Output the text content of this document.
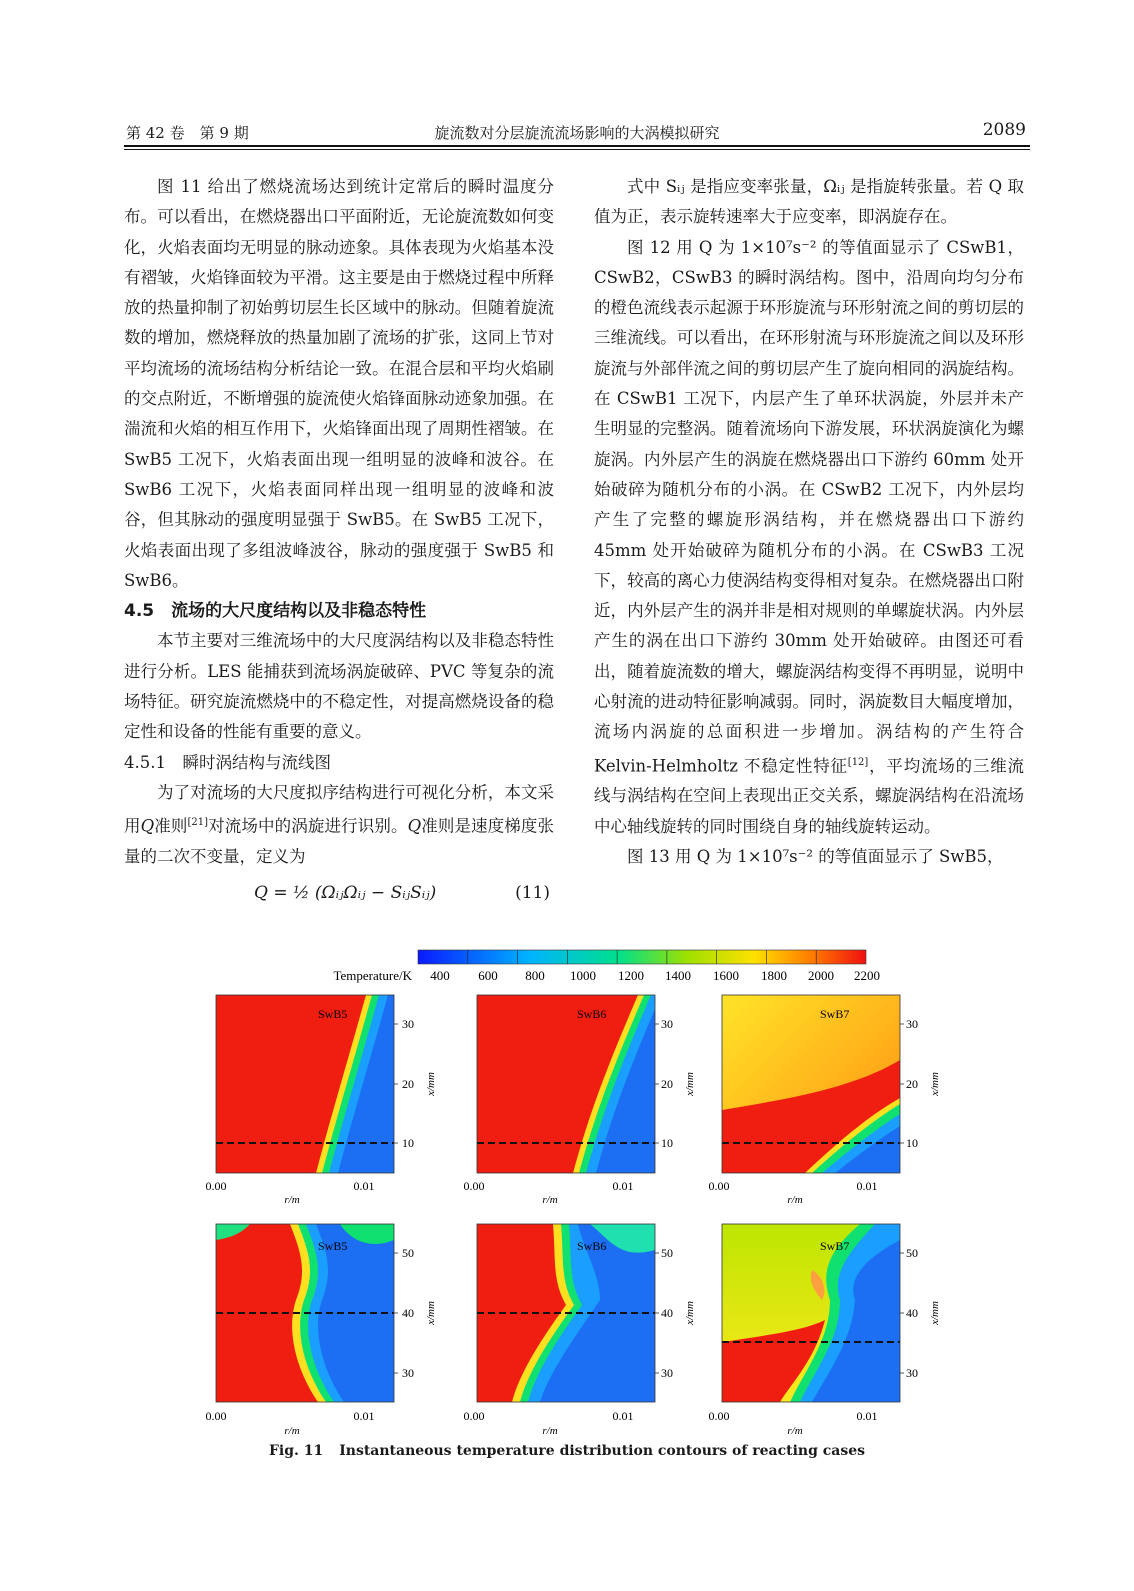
第 42 卷　第 9 期	旋流数对分层旋流流场影响的大涡模拟研究	2089

图 11 给出了燃烧流场达到统计定常后的瞬时温度分布。可以看出，在燃烧器出口平面附近，无论旋流数如何变化，火焰表面均无明显的脉动迹象。具体表现为火焰基本没有褶皱，火焰锋面较为平滑。这主要是由于燃烧过程中所释放的热量抑制了初始剪切层生长区域中的脉动。但随着旋流数的增加，燃烧释放的热量加剧了流场的扩张，这同上节对平均流场的流场结构分析结论一致。在混合层和平均火焰刷的交点附近，不断增强的旋流使火焰锋面脉动迹象加强。在湍流和火焰的相互作用下，火焰锋面出现了周期性褶皱。在 SwB5 工况下，火焰表面出现一组明显的波峰和波谷。在 SwB6 工况下，火焰表面同样出现一组明显的波峰和波谷，但其脉动的强度明显强于 SwB5。在 SwB5 工况下，火焰表面出现了多组波峰波谷，脉动的强度强于 SwB5 和 SwB6。

4.5　流场的大尺度结构以及非稳态特性

本节主要对三维流场中的大尺度涡结构以及非稳态特性进行分析。LES 能捕获到流场涡旋破碎、PVC 等复杂的流场特征。研究旋流燃烧中的不稳定性，对提高燃烧设备的稳定性和设备的性能有重要的意义。

4.5.1　瞬时涡结构与流线图

为了对流场的大尺度拟序结构进行可视化分析，本文采用Q准则[21]对流场中的涡旋进行识别。Q准则是速度梯度张量的二次不变量，定义为

Q = ½ (ΩᵢⱼΩᵢⱼ − SᵢⱼSᵢⱼ)	(11)

式中 Sᵢⱼ 是指应变率张量，Ωᵢⱼ 是指旋转张量。若 Q 取值为正，表示旋转速率大于应变率，即涡旋存在。

图 12 用 Q 为 1×10⁷s⁻² 的等值面显示了 CSwB1，CSwB2，CSwB3 的瞬时涡结构。图中，沿周向均匀分布的橙色流线表示起源于环形旋流与环形射流之间的剪切层的三维流线。可以看出，在环形射流与环形旋流之间以及环形旋流与外部伴流之间的剪切层产生了旋向相同的涡旋结构。在 CSwB1 工况下，内层产生了单环状涡旋，外层并未产生明显的完整涡。随着流场向下游发展，环状涡旋演化为螺旋涡。内外层产生的涡旋在燃烧器出口下游约 60mm 处开始破碎为随机分布的小涡。在 CSwB2 工况下，内外层均产生了完整的螺旋形涡结构，并在燃烧器出口下游约 45mm 处开始破碎为随机分布的小涡。在 CSwB3 工况下，较高的离心力使涡结构变得相对复杂。在燃烧器出口附近，内外层产生的涡并非是相对规则的单螺旋状涡。内外层产生的涡在出口下游约 30mm 处开始破碎。由图还可看出，随着旋流数的增大，螺旋涡结构变得不再明显，说明中心射流的进动特征影响减弱。同时，涡旋数目大幅度增加，流场内涡旋的总面积进一步增加。涡结构的产生符合 Kelvin-Helmholtz 不稳定性特征[12]，平均流场的三维流线与涡结构在空间上表现出正交关系，螺旋涡结构在沿流场中心轴线旋转的同时围绕自身的轴线旋转运动。

图 13 用 Q 为 1×10⁷s⁻² 的等值面显示了 SwB5，

Temperature/K 400 600 800 1000 1200 1400 1600 1800 2000 2200
SwB5	SwB6	SwB7
30
20
10
30
20
10
30
20
10
x/mm	x/mm	x/mm
0.00	0.01	0.00	0.01	0.00	0.01
r/m	r/m	r/m
SwB5	SwB6	SwB7
50
40
30
50
40
30
50
40
30
x/mm	x/mm	x/mm
0.00	0.01	0.00	0.01	0.00	0.01
r/m	r/m	r/m
Fig. 11 Instantaneous temperature distribution contours of reacting cases
